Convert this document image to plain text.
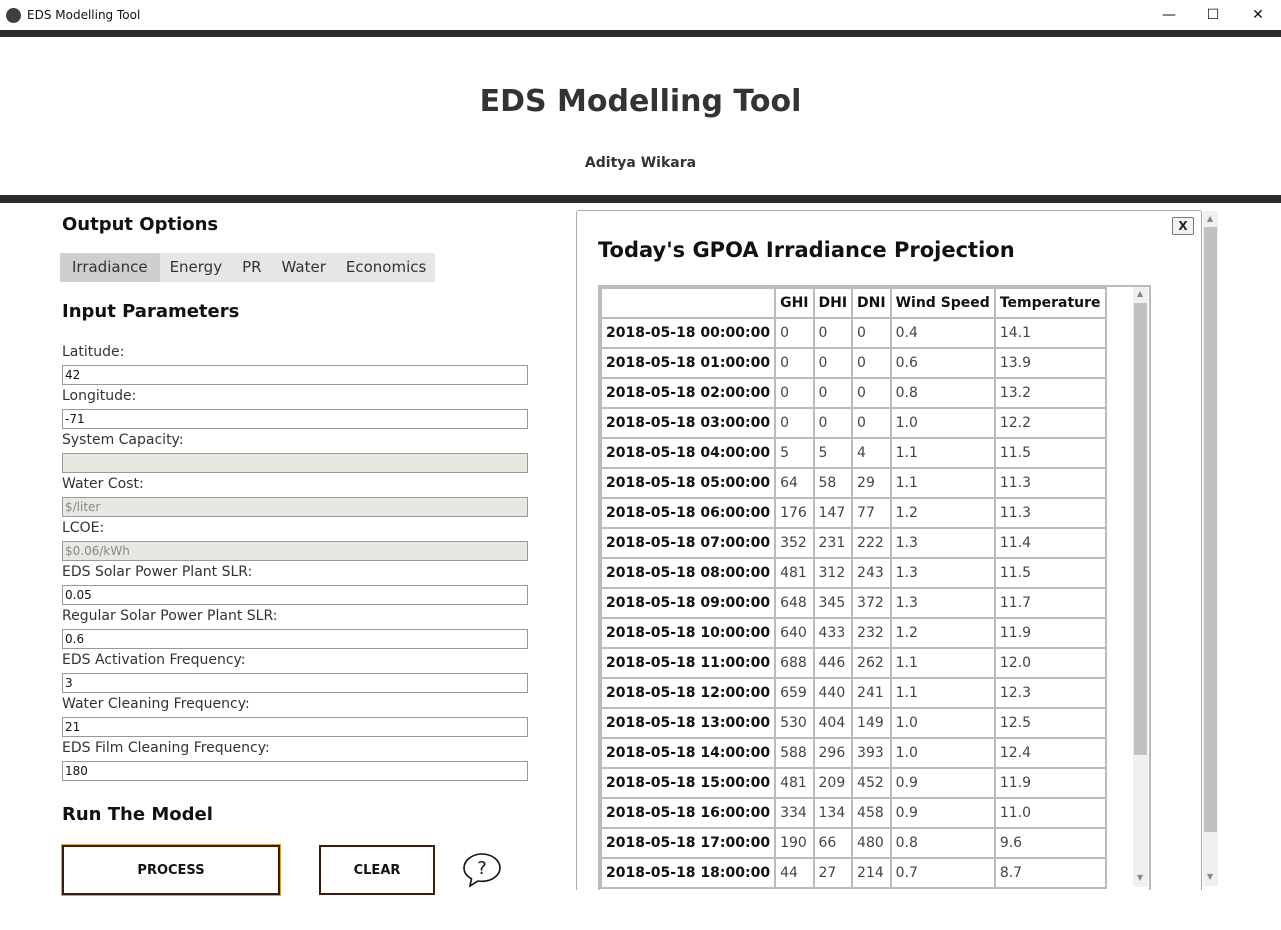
EDS Modelling Tool	—	☐	✕
EDS Modelling Tool
Aditya Wikara
Output Options
Irradiance	Energy	PR	Water	Economics
Input Parameters
Latitude:
42
Longitude:
-71
System Capacity:
Water Cost:
$/liter
LCOE:
$0.06/kWh
EDS Solar Power Plant SLR:
0.05
Regular Solar Power Plant SLR:
0.6
EDS Activation Frequency:
3
Water Cleaning Frequency:
21
EDS Film Cleaning Frequency:
180
Run The Model
PROCESS	CLEAR	?
X
Today's GPOA Irradiance Projection
	GHI	DHI	DNI	Wind Speed	Temperature
2018-05-18 00:00:00	0	0	0	0.4	14.1
2018-05-18 01:00:00	0	0	0	0.6	13.9
2018-05-18 02:00:00	0	0	0	0.8	13.2
2018-05-18 03:00:00	0	0	0	1.0	12.2
2018-05-18 04:00:00	5	5	4	1.1	11.5
2018-05-18 05:00:00	64	58	29	1.1	11.3
2018-05-18 06:00:00	176	147	77	1.2	11.3
2018-05-18 07:00:00	352	231	222	1.3	11.4
2018-05-18 08:00:00	481	312	243	1.3	11.5
2018-05-18 09:00:00	648	345	372	1.3	11.7
2018-05-18 10:00:00	640	433	232	1.2	11.9
2018-05-18 11:00:00	688	446	262	1.1	12.0
2018-05-18 12:00:00	659	440	241	1.1	12.3
2018-05-18 13:00:00	530	404	149	1.0	12.5
2018-05-18 14:00:00	588	296	393	1.0	12.4
2018-05-18 15:00:00	481	209	452	0.9	11.9
2018-05-18 16:00:00	334	134	458	0.9	11.0
2018-05-18 17:00:00	190	66	480	0.8	9.6
2018-05-18 18:00:00	44	27	214	0.7	8.7
▲
▼
▲
▼
